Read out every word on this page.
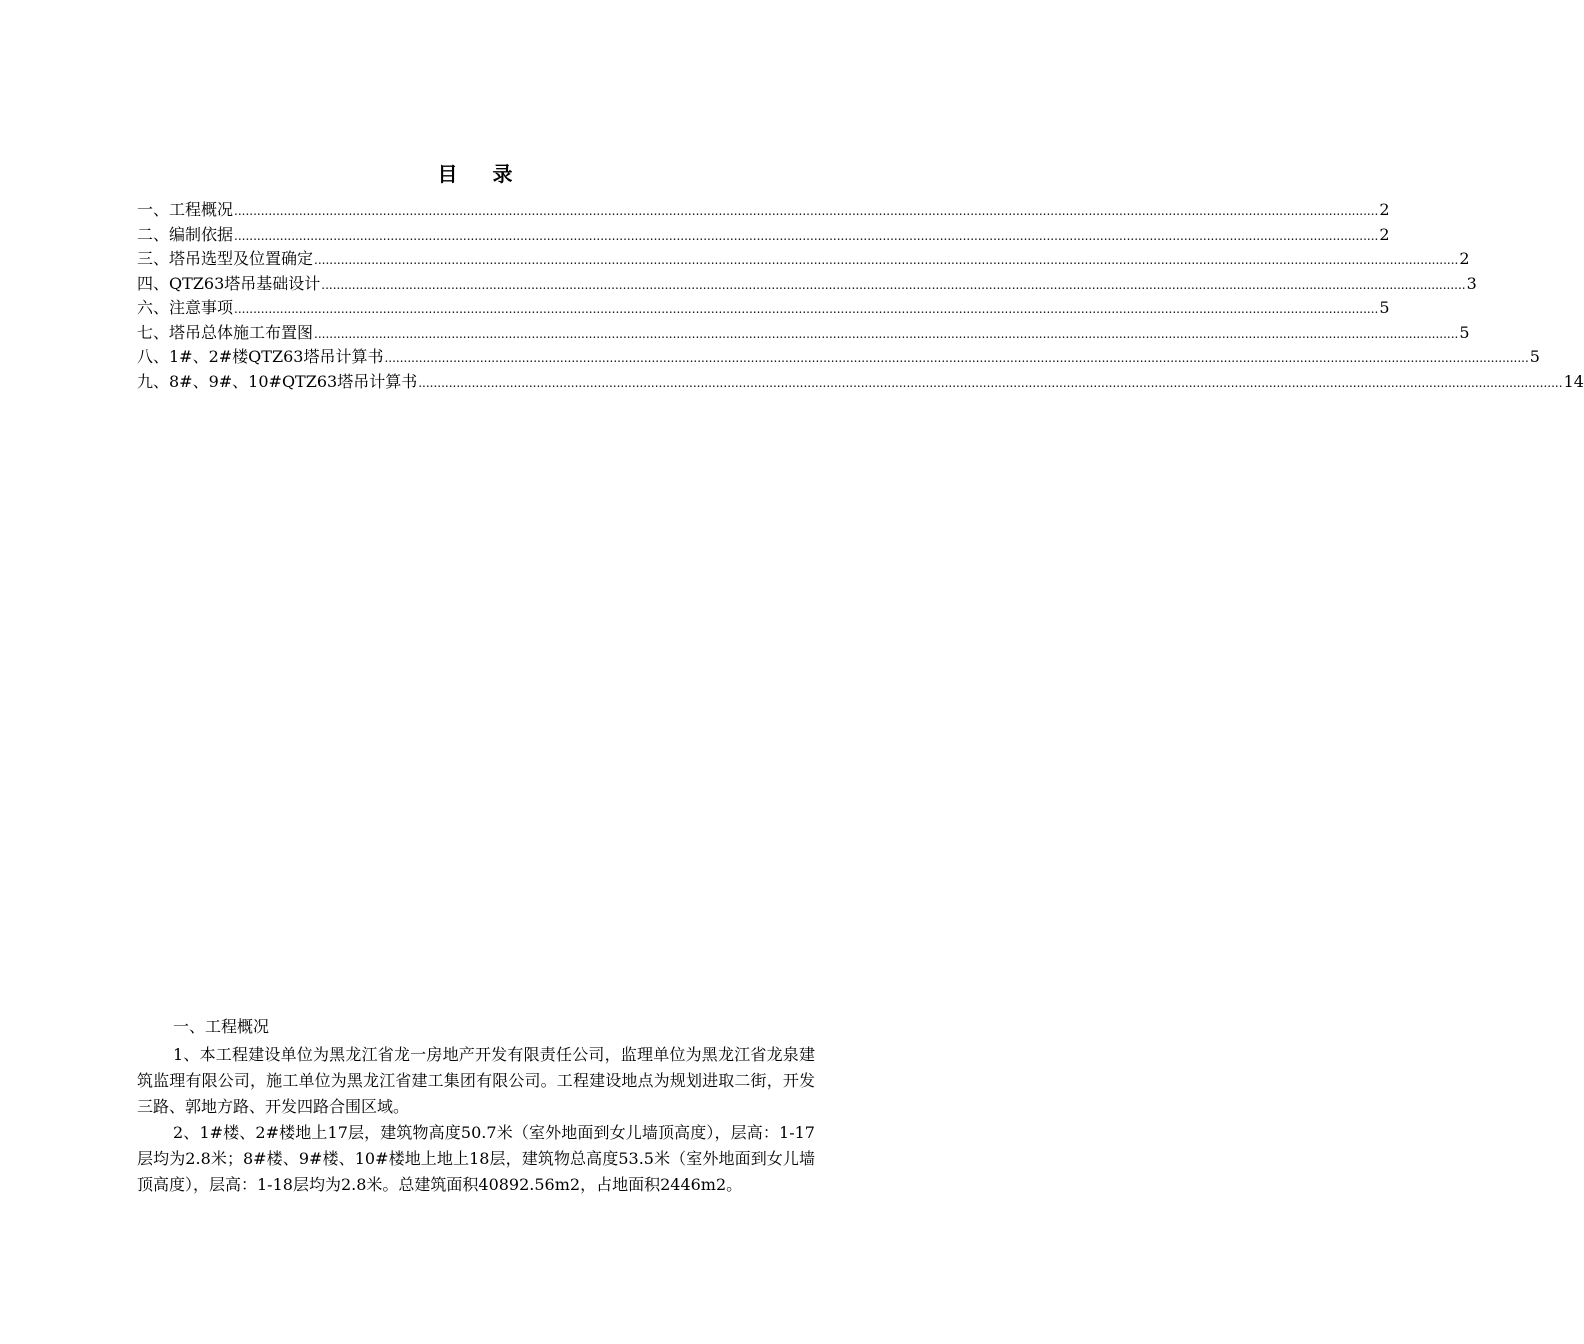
目 录
一、工程概况 ............................................................................................................................................................................................................................................................................................................ 2
二、编制依据 ............................................................................................................................................................................................................................................................................................................ 2
三、塔吊选型及位置确定 ............................................................................................................................................................................................................................................................................................................ 2
四、QTZ63塔吊基础设计 ............................................................................................................................................................................................................................................................................................................ 3
六、注意事项 ............................................................................................................................................................................................................................................................................................................ 5
七、塔吊总体施工布置图 ............................................................................................................................................................................................................................................................................................................ 5
八、1#、2#楼QTZ63塔吊计算书 ............................................................................................................................................................................................................................................................................................................ 5
九、8#、9#、10#QTZ63塔吊计算书 ............................................................................................................................................................................................................................................................................................................ 14

一、工程概况

1、本工程建设单位为黑龙江省龙一房地产开发有限责任公司，监理单位为黑龙江省龙泉建筑监理有限公司，施工单位为黑龙江省建工集团有限公司。工程建设地点为规划进取二街，开发三路、郭地方路、开发四路合围区域。

2、1#楼、2#楼地上17层，建筑物高度50.7米（室外地面到女儿墙顶高度），层高：1-17层均为2.8米；8#楼、9#楼、10#楼地上地上18层，建筑物总高度53.5米（室外地面到女儿墙顶高度），层高：1-18层均为2.8米。总建筑面积40892.56m2，占地面积2446m2。
